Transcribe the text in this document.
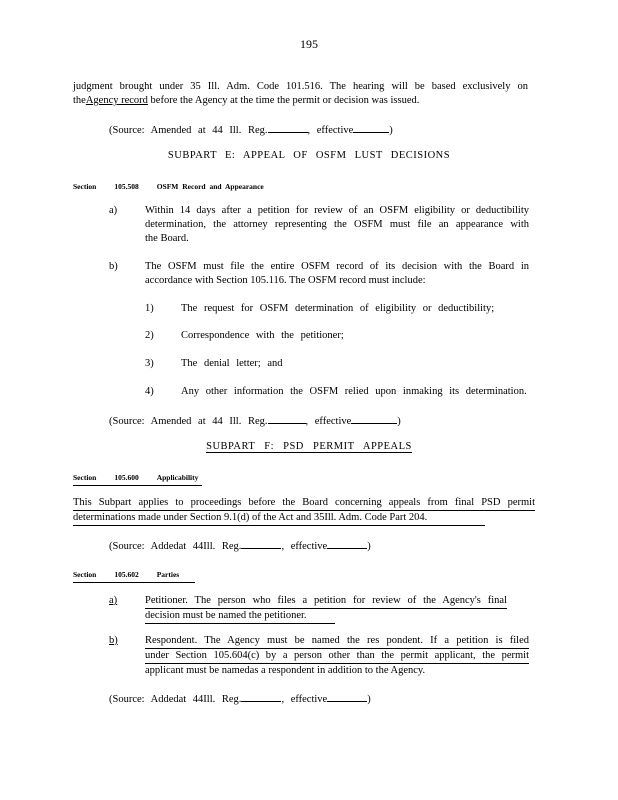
195
judgment brought under 35 Ill. Adm. Code 101.516. The hearing will be based exclusively on
theAgency record before the Agency at the time the permit or decision was issued.
(Source: Amended at 44 Ill. Reg.	, effective	)
SUBPART E: APPEAL OF OSFM LUST DECISIONS
Section 105.508 OSFM Record and Appearance
a)	Within 14 days after a petition for review of an OSFM eligibility or deductibility
determination, the attorney representing the OSFM must file an appearance with
the Board.
b)	The OSFM must file the entire OSFM record of its decision with the Board in
accordance with Section 105.116. The OSFM record must include:
1)	The request for OSFM determination of eligibility or deductibility;
2)	Correspondence with the petitioner;
3)	The denial letter; and
4)	Any other information the OSFM relied upon inmaking its determination.
(Source: Amended at 44 Ill. Reg.	, effective	)
SUBPART F: PSD PERMIT APPEALS
Section 105.600 Applicability
This Subpart applies to proceedings before the Board concerning appeals from final PSD permit
determinations made under Section 9.1(d) of the Act and 35Ill. Adm. Code Part 204.
(Source: Addedat 44Ill. Reg.	, effective	)
Section 105.602 Parties
a)	Petitioner. The person who files a petition for review of the Agency's final
decision must be named the petitioner.
b)	Respondent. The Agency must be named the res pondent. If a petition is filed
under Section 105.604(c) by a person other than the permit applicant, the permit
applicant must be namedas a respondent in addition to the Agency.
(Source: Addedat 44Ill. Reg.	, effective	)
